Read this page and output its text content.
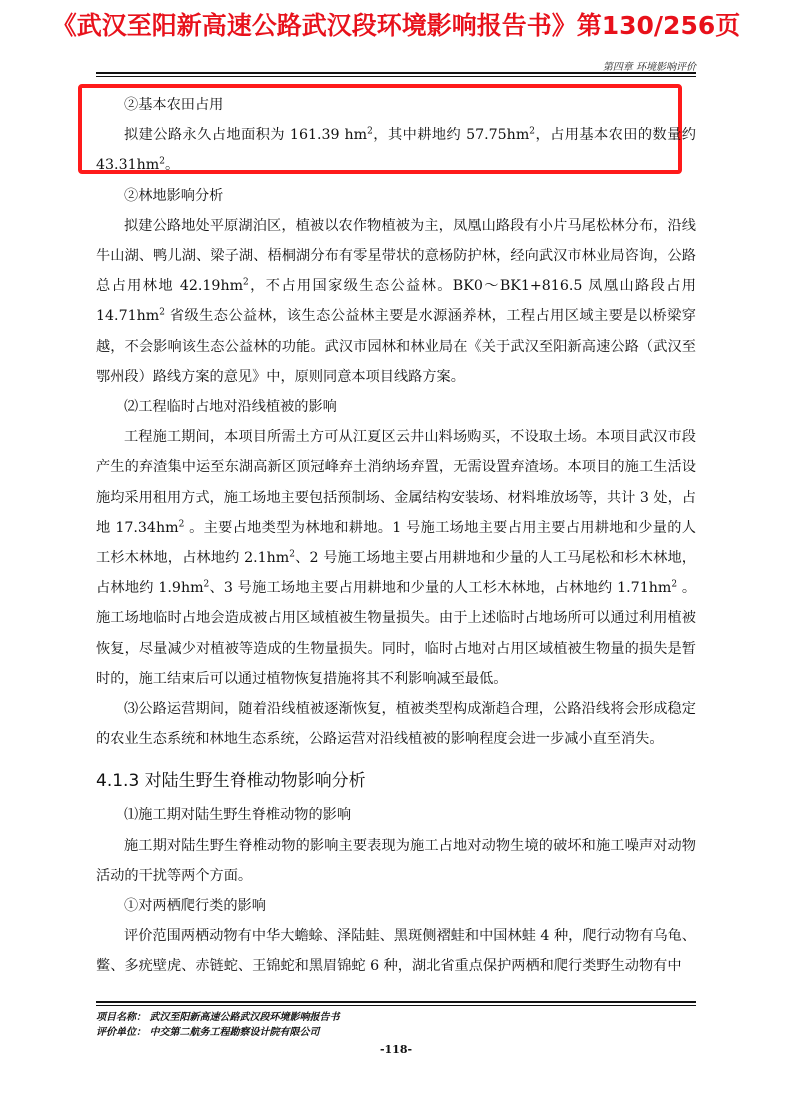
《武汉至阳新高速公路武汉段环境影响报告书》第130/256页
第四章 环境影响评价

②基本农田占用

拟建公路永久占地面积为 161.39 $hm^2$，其中耕地约 $57.75hm^2$，占用基本农田的数量约 $43.31hm^2$。

②林地影响分析

拟建公路地处平原湖泊区，植被以农作物植被为主，凤凰山路段有小片马尾松林分布，沿线牛山湖、鸭儿湖、梁子湖、梧桐湖分布有零星带状的意杨防护林，经向武汉市林业局咨询，公路总占用林地 $42.19hm^2$，不占用国家级生态公益林。BK0～BK1+816.5 凤凰山路段占用 $14.71hm^2$ 省级生态公益林，该生态公益林主要是水源涵养林，工程占用区域主要是以桥梁穿越，不会影响该生态公益林的功能。武汉市园林和林业局在《关于武汉至阳新高速公路（武汉至鄂州段）路线方案的意见》中，原则同意本项目线路方案。

⑵工程临时占地对沿线植被的影响

工程施工期间，本项目所需土方可从江夏区云井山料场购买，不设取土场。本项目武汉市段产生的弃渣集中运至东湖高新区顶冠峰弃土消纳场弃置，无需设置弃渣场。本项目的施工生活设施均采用租用方式，施工场地主要包括预制场、金属结构安装场、材料堆放场等，共计 3 处，占地 $17.34hm^2$ 。主要占地类型为林地和耕地。1 号施工场地主要占用主要占用耕地和少量的人工杉木林地，占林地约 $2.1hm^2$、2 号施工场地主要占用耕地和少量的人工马尾松和杉木林地，占林地约 $1.9hm^2$、3 号施工场地主要占用耕地和少量的人工杉木林地，占林地约 $1.71hm^2$ 。施工场地临时占地会造成被占用区域植被生物量损失。由于上述临时占地场所可以通过利用植被恢复，尽量减少对植被等造成的生物量损失。同时，临时占地对占用区域植被生物量的损失是暂时的，施工结束后可以通过植物恢复措施将其不利影响减至最低。

⑶公路运营期间，随着沿线植被逐渐恢复，植被类型构成渐趋合理，公路沿线将会形成稳定的农业生态系统和林地生态系统，公路运营对沿线植被的影响程度会进一步减小直至消失。

4.1.3 对陆生野生脊椎动物影响分析

⑴施工期对陆生野生脊椎动物的影响

施工期对陆生野生脊椎动物的影响主要表现为施工占地对动物生境的破坏和施工噪声对动物活动的干扰等两个方面。

①对两栖爬行类的影响

评价范围两栖动物有中华大蟾蜍、泽陆蛙、黑斑侧褶蛙和中国林蛙 4 种，爬行动物有乌龟、鳖、多疣壁虎、赤链蛇、王锦蛇和黑眉锦蛇 6 种，湖北省重点保护两栖和爬行类野生动物有中

项目名称： 武汉至阳新高速公路武汉段环境影响报告书
评价单位： 中交第二航务工程勘察设计院有限公司
-118-
